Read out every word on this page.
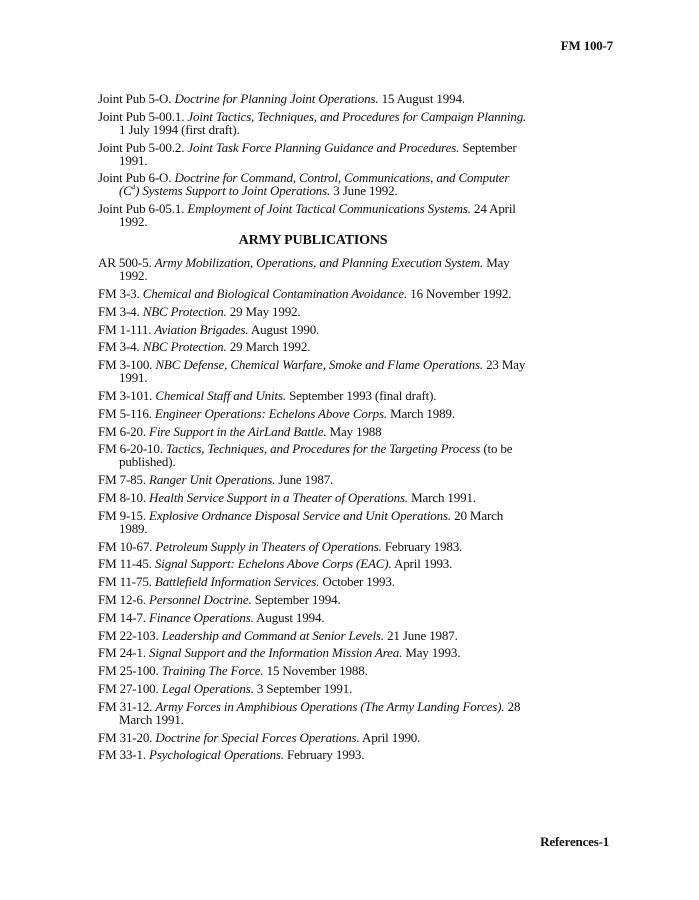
FM 100-7

Joint Pub 5-O. Doctrine for Planning Joint Operations. 15 August 1994.

Joint Pub 5-00.1. Joint Tactics, Techniques, and Procedures for Campaign Planning. 1 July 1994 (first draft).

Joint Pub 5-00.2. Joint Task Force Planning Guidance and Procedures. September 1991.

Joint Pub 6-O. Doctrine for Command, Control, Communications, and Computer $(C^4)$ Systems Support to Joint Operations. 3 June 1992.

Joint Pub 6-05.1. Employment of Joint Tactical Communications Systems. 24 April 1992.

ARMY PUBLICATIONS

AR 500-5. Army Mobilization, Operations, and Planning Execution System. May 1992.

FM 3-3. Chemical and Biological Contamination Avoidance. 16 November 1992.

FM 3-4. NBC Protection. 29 May 1992.

FM 1-111. Aviation Brigades. August 1990.

FM 3-4. NBC Protection. 29 March 1992.

FM 3-100. NBC Defense, Chemical Warfare, Smoke and Flame Operations. 23 May 1991.

FM 3-101. Chemical Staff and Units. September 1993 (final draft).

FM 5-116. Engineer Operations: Echelons Above Corps. March 1989.

FM 6-20. Fire Support in the AirLand Battle. May 1988

FM 6-20-10. Tactics, Techniques, and Procedures for the Targeting Process (to be published).

FM 7-85. Ranger Unit Operations. June 1987.

FM 8-10. Health Service Support in a Theater of Operations. March 1991.

FM 9-15. Explosive Ordnance Disposal Service and Unit Operations. 20 March 1989.

FM 10-67. Petroleum Supply in Theaters of Operations. February 1983.

FM 11-45. Signal Support: Echelons Above Corps (EAC). April 1993.

FM 11-75. Battlefield Information Services. October 1993.

FM 12-6. Personnel Doctrine. September 1994.

FM 14-7. Finance Operations. August 1994.

FM 22-103. Leadership and Command at Senior Levels. 21 June 1987.

FM 24-1. Signal Support and the Information Mission Area. May 1993.

FM 25-100. Training The Force. 15 November 1988.

FM 27-100. Legal Operations. 3 September 1991.

FM 31-12. Army Forces in Amphibious Operations (The Army Landing Forces). 28 March 1991.

FM 31-20. Doctrine for Special Forces Operations. April 1990.

FM 33-1. Psychological Operations. February 1993.

References-1
